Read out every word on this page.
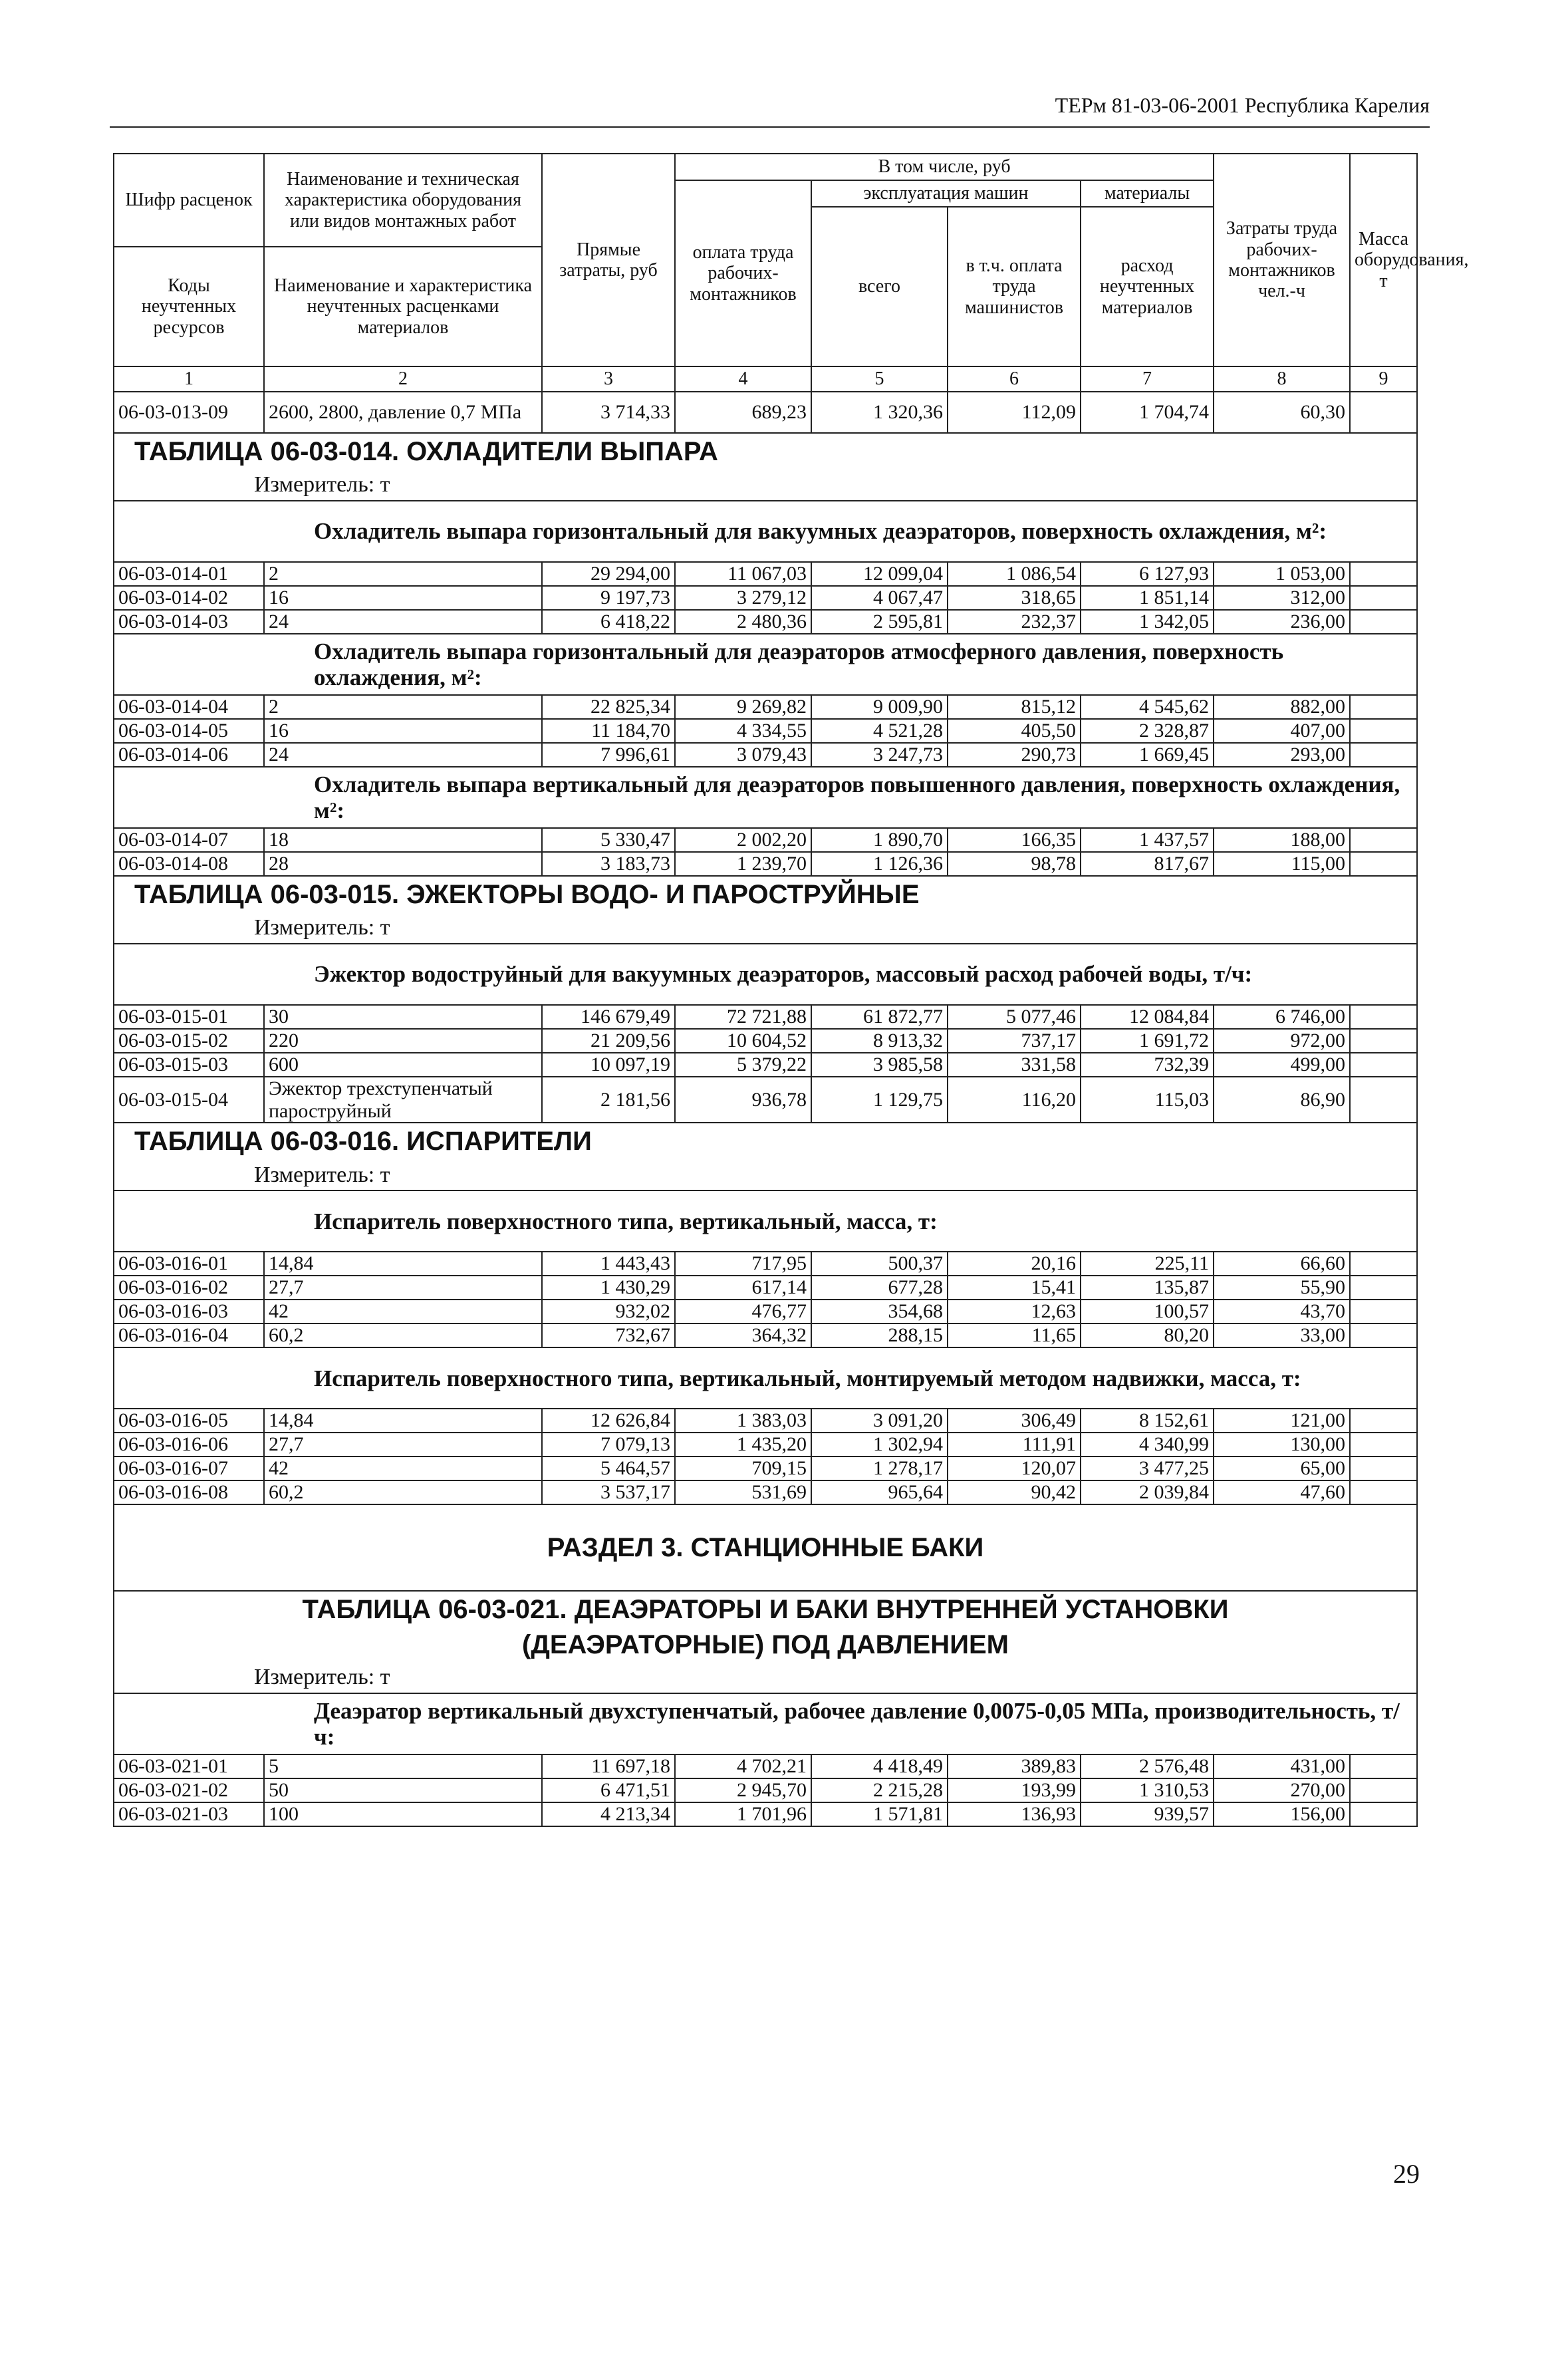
ТЕРм 81-03-06-2001 Республика Карелия
Шифр расценок	Наименование и техническая характеристика оборудования или видов монтажных работ	Прямые затраты, руб	В том числе, руб				Затраты труда рабочих-монтажников чел.-ч	Масса оборудования, т
			оплата труда рабочих-монтажников	эксплуатация машин		материалы		
				всего	в т.ч. оплата труда машинистов	расход неучтенных материалов		
Коды неучтенных ресурсов	Наименование и характеристика неучтенных расценками материалов							

1	2	3	4	5	6	7	8	9
06-03-013-09	2600, 2800, давление 0,7 МПа	3 714,33	689,23	1 320,36	112,09	1 704,74	60,30	
ТАБЛИЦА 06-03-014. ОХЛАДИТЕЛИ ВЫПАРА								
Измеритель: т								
Охладитель выпара горизонтальный для вакуумных деаэраторов, поверхность охлаждения, м²:								
06-03-014-01	2	29 294,00	11 067,03	12 099,04	1 086,54	6 127,93	1 053,00	
06-03-014-02	16	9 197,73	3 279,12	4 067,47	318,65	1 851,14	312,00	
06-03-014-03	24	6 418,22	2 480,36	2 595,81	232,37	1 342,05	236,00	
Охладитель выпара горизонтальный для деаэраторов атмосферного давления, поверхность охлаждения, м²:								
06-03-014-04	2	22 825,34	9 269,82	9 009,90	815,12	4 545,62	882,00	
06-03-014-05	16	11 184,70	4 334,55	4 521,28	405,50	2 328,87	407,00	
06-03-014-06	24	7 996,61	3 079,43	3 247,73	290,73	1 669,45	293,00	
Охладитель выпара вертикальный для деаэраторов повышенного давления, поверхность охлаждения, м²:								
06-03-014-07	18	5 330,47	2 002,20	1 890,70	166,35	1 437,57	188,00	
06-03-014-08	28	3 183,73	1 239,70	1 126,36	98,78	817,67	115,00	
ТАБЛИЦА 06-03-015. ЭЖЕКТОРЫ ВОДО- И ПАРОСТРУЙНЫЕ								
Измеритель: т								
Эжектор водоструйный для вакуумных деаэраторов, массовый расход рабочей воды, т/ч:								
06-03-015-01	30	146 679,49	72 721,88	61 872,77	5 077,46	12 084,84	6 746,00	
06-03-015-02	220	21 209,56	10 604,52	8 913,32	737,17	1 691,72	972,00	
06-03-015-03	600	10 097,19	5 379,22	3 985,58	331,58	732,39	499,00	
06-03-015-04	Эжектор трехступенчатый пароструйный	2 181,56	936,78	1 129,75	116,20	115,03	86,90	
ТАБЛИЦА 06-03-016. ИСПАРИТЕЛИ								
Измеритель: т								
Испаритель поверхностного типа, вертикальный, масса, т:								
06-03-016-01	14,84	1 443,43	717,95	500,37	20,16	225,11	66,60	
06-03-016-02	27,7	1 430,29	617,14	677,28	15,41	135,87	55,90	
06-03-016-03	42	932,02	476,77	354,68	12,63	100,57	43,70	
06-03-016-04	60,2	732,67	364,32	288,15	11,65	80,20	33,00	
Испаритель поверхностного типа, вертикальный, монтируемый методом надвижки, масса, т:								
06-03-016-05	14,84	12 626,84	1 383,03	3 091,20	306,49	8 152,61	121,00	
06-03-016-06	27,7	7 079,13	1 435,20	1 302,94	111,91	4 340,99	130,00	
06-03-016-07	42	5 464,57	709,15	1 278,17	120,07	3 477,25	65,00	
06-03-016-08	60,2	3 537,17	531,69	965,64	90,42	2 039,84	47,60	
РАЗДЕЛ 3. СТАНЦИОННЫЕ БАКИ								
ТАБЛИЦА 06-03-021. ДЕАЭРАТОРЫ И БАКИ ВНУТРЕННЕЙ УСТАНОВКИ								
(ДЕАЭРАТОРНЫЕ) ПОД ДАВЛЕНИЕМ								
Измеритель: т								
Деаэратор вертикальный двухступенчатый, рабочее давление 0,0075-0,05 МПа, производительность, т/ч:								
06-03-021-01	5	11 697,18	4 702,21	4 418,49	389,83	2 576,48	431,00	
06-03-021-02	50	6 471,51	2 945,70	2 215,28	193,99	1 310,53	270,00	
06-03-021-03	100	4 213,34	1 701,96	1 571,81	136,93	939,57	156,00	
29
